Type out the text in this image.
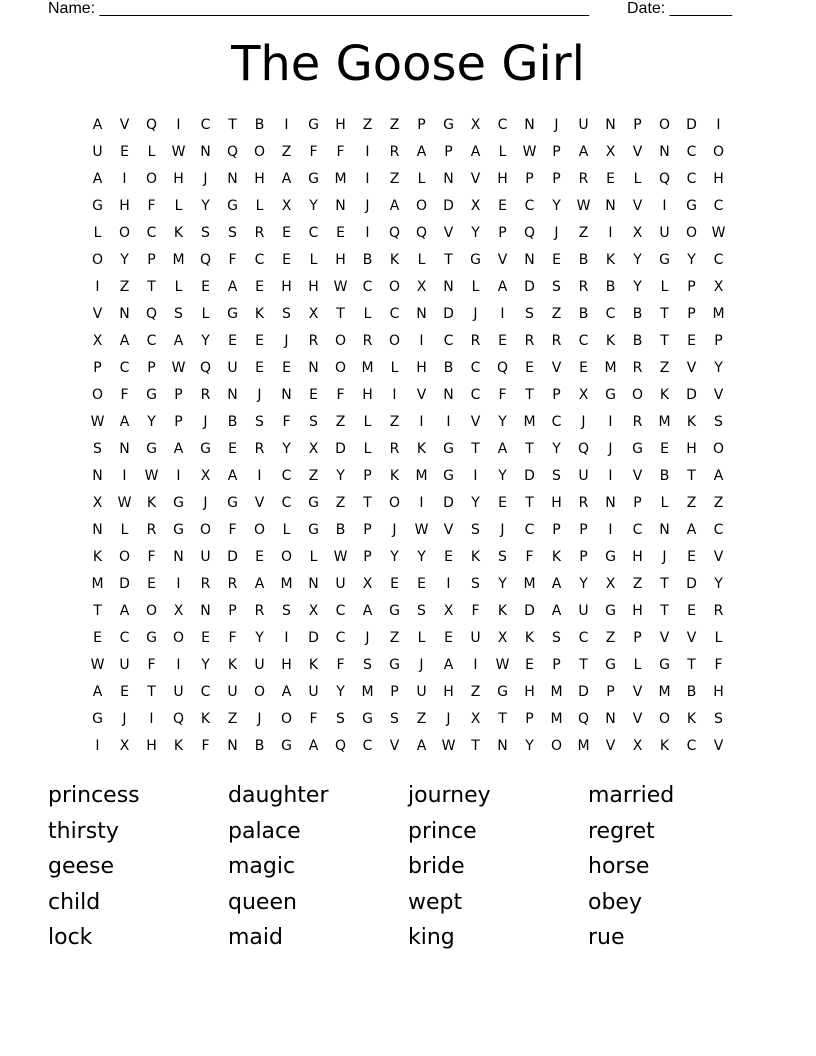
Name: _______________________________________________________ Date: _______
The Goose Girl
A	V	Q	I	C	T	B	I	G	H	Z	Z	P	G	X	C	N	J	U	N	P	O	D	I
U	E	L	W	N	Q	O	Z	F	F	I	R	A	P	A	L	W	P	A	X	V	N	C	O
A	I	O	H	J	N	H	A	G	M	I	Z	L	N	V	H	P	P	R	E	L	Q	C	H
G	H	F	L	Y	G	L	X	Y	N	J	A	O	D	X	E	C	Y	W	N	V	I	G	C
L	O	C	K	S	S	R	E	C	E	I	Q	Q	V	Y	P	Q	J	Z	I	X	U	O	W
O	Y	P	M	Q	F	C	E	L	H	B	K	L	T	G	V	N	E	B	K	Y	G	Y	C
I	Z	T	L	E	A	E	H	H	W	C	O	X	N	L	A	D	S	R	B	Y	L	P	X
V	N	Q	S	L	G	K	S	X	T	L	C	N	D	J	I	S	Z	B	C	B	T	P	M
X	A	C	A	Y	E	E	J	R	O	R	O	I	C	R	E	R	R	C	K	B	T	E	P
P	C	P	W	Q	U	E	E	N	O	M	L	H	B	C	Q	E	V	E	M	R	Z	V	Y
O	F	G	P	R	N	J	N	E	F	H	I	V	N	C	F	T	P	X	G	O	K	D	V
W	A	Y	P	J	B	S	F	S	Z	L	Z	I	I	V	Y	M	C	J	I	R	M	K	S
S	N	G	A	G	E	R	Y	X	D	L	R	K	G	T	A	T	Y	Q	J	G	E	H	O
N	I	W	I	X	A	I	C	Z	Y	P	K	M	G	I	Y	D	S	U	I	V	B	T	A
X	W	K	G	J	G	V	C	G	Z	T	O	I	D	Y	E	T	H	R	N	P	L	Z	Z
N	L	R	G	O	F	O	L	G	B	P	J	W	V	S	J	C	P	P	I	C	N	A	C
K	O	F	N	U	D	E	O	L	W	P	Y	Y	E	K	S	F	K	P	G	H	J	E	V
M	D	E	I	R	R	A	M	N	U	X	E	E	I	S	Y	M	A	Y	X	Z	T	D	Y
T	A	O	X	N	P	R	S	X	C	A	G	S	X	F	K	D	A	U	G	H	T	E	R
E	C	G	O	E	F	Y	I	D	C	J	Z	L	E	U	X	K	S	C	Z	P	V	V	L
W	U	F	I	Y	K	U	H	K	F	S	G	J	A	I	W	E	P	T	G	L	G	T	F
A	E	T	U	C	U	O	A	U	Y	M	P	U	H	Z	G	H	M	D	P	V	M	B	H
G	J	I	Q	K	Z	J	O	F	S	G	S	Z	J	X	T	P	M	Q	N	V	O	K	S
I	X	H	K	F	N	B	G	A	Q	C	V	A	W	T	N	Y	O	M	V	X	K	C	V
princess	daughter	journey	married
thirsty	palace	prince	regret
geese	magic	bride	horse
child	queen	wept	obey
lock	maid	king	rue
